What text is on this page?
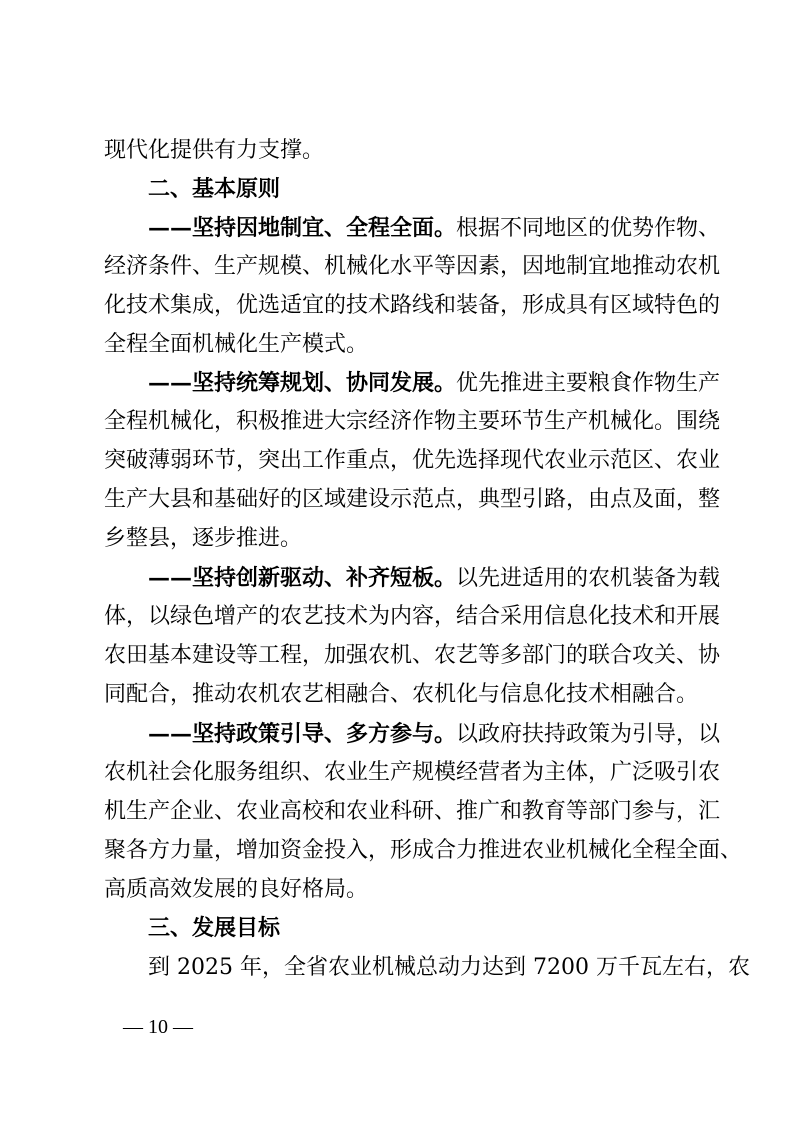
现代化提供有力支撑。
二、基本原则
——坚持因地制宜、全程全面。根据不同地区的优势作物、
经济条件、生产规模、机械化水平等因素，因地制宜地推动农机
化技术集成，优选适宜的技术路线和装备，形成具有区域特色的
全程全面机械化生产模式。
——坚持统筹规划、协同发展。优先推进主要粮食作物生产
全程机械化，积极推进大宗经济作物主要环节生产机械化。围绕
突破薄弱环节，突出工作重点，优先选择现代农业示范区、农业
生产大县和基础好的区域建设示范点，典型引路，由点及面，整
乡整县，逐步推进。
——坚持创新驱动、补齐短板。以先进适用的农机装备为载
体，以绿色增产的农艺技术为内容，结合采用信息化技术和开展
农田基本建设等工程，加强农机、农艺等多部门的联合攻关、协
同配合，推动农机农艺相融合、农机化与信息化技术相融合。
——坚持政策引导、多方参与。以政府扶持政策为引导，以
农机社会化服务组织、农业生产规模经营者为主体，广泛吸引农
机生产企业、农业高校和农业科研、推广和教育等部门参与，汇
聚各方力量，增加资金投入，形成合力推进农业机械化全程全面、
高质高效发展的良好格局。
三、发展目标
到 2025 年，全省农业机械总动力达到 7200 万千瓦左右，农
— 10 —
